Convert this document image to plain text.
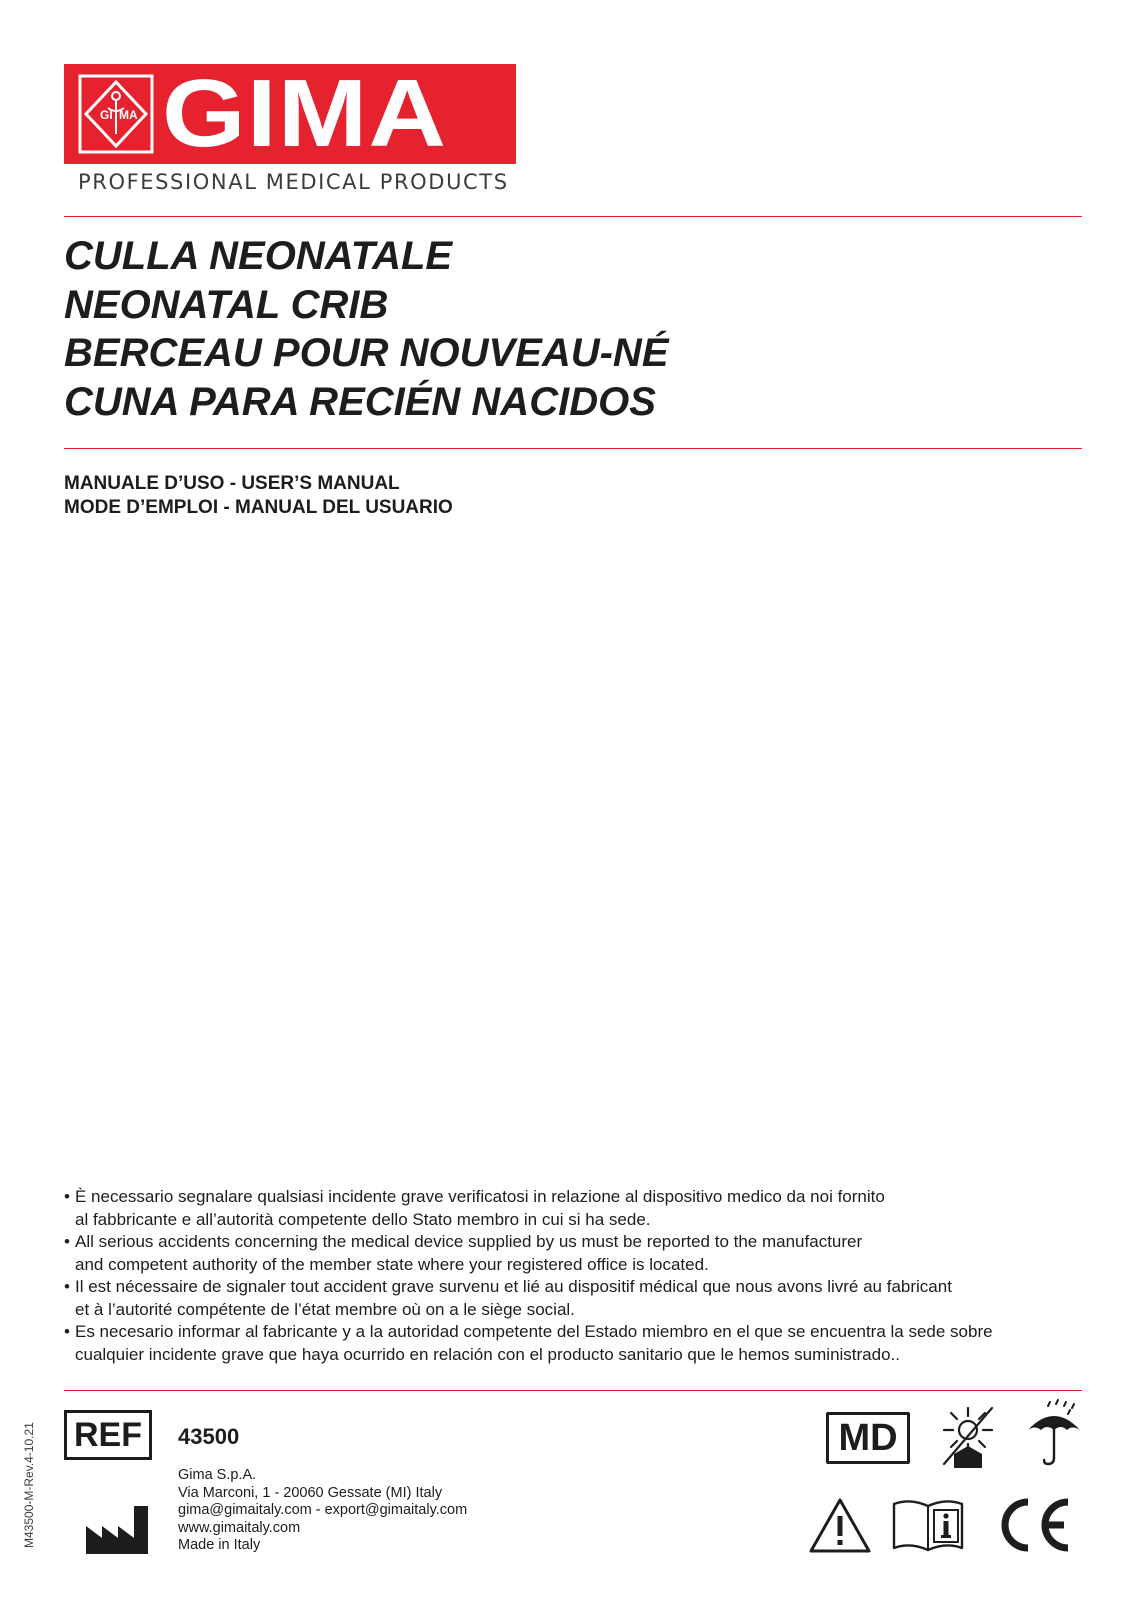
GI MA GIMA
PROFESSIONAL MEDICAL PRODUCTS
CULLA NEONATALE
NEONATAL CRIB
BERCEAU POUR NOUVEAU-NÉ
CUNA PARA RECIÉN NACIDOS
MANUALE D’USO - USER’S MANUAL
MODE D’EMPLOI - MANUAL DEL USUARIO
• È necessario segnalare qualsiasi incidente grave verificatosi in relazione al dispositivo medico da noi fornito
al fabbricante e all’autorità competente dello Stato membro in cui si ha sede.
• All serious accidents concerning the medical device supplied by us must be reported to the manufacturer
and competent authority of the member state where your registered office is located.
• Il est nécessaire de signaler tout accident grave survenu et lié au dispositif médical que nous avons livré au fabricant
et à l’autorité compétente de l’état membre où on a le siège social.
• Es necesario informar al fabricante y a la autoridad competente del Estado miembro en el que se encuentra la sede sobre
cualquier incidente grave que haya ocurrido en relación con el producto sanitario que le hemos suministrado..
M43500-M-Rev.4-10.21 REF	43500
Gima S.p.A.
Via Marconi, 1 - 20060 Gessate (MI) Italy
gima@gimaitaly.com - export@gimaitaly.com
www.gimaitaly.com
Made in Italy
MD
